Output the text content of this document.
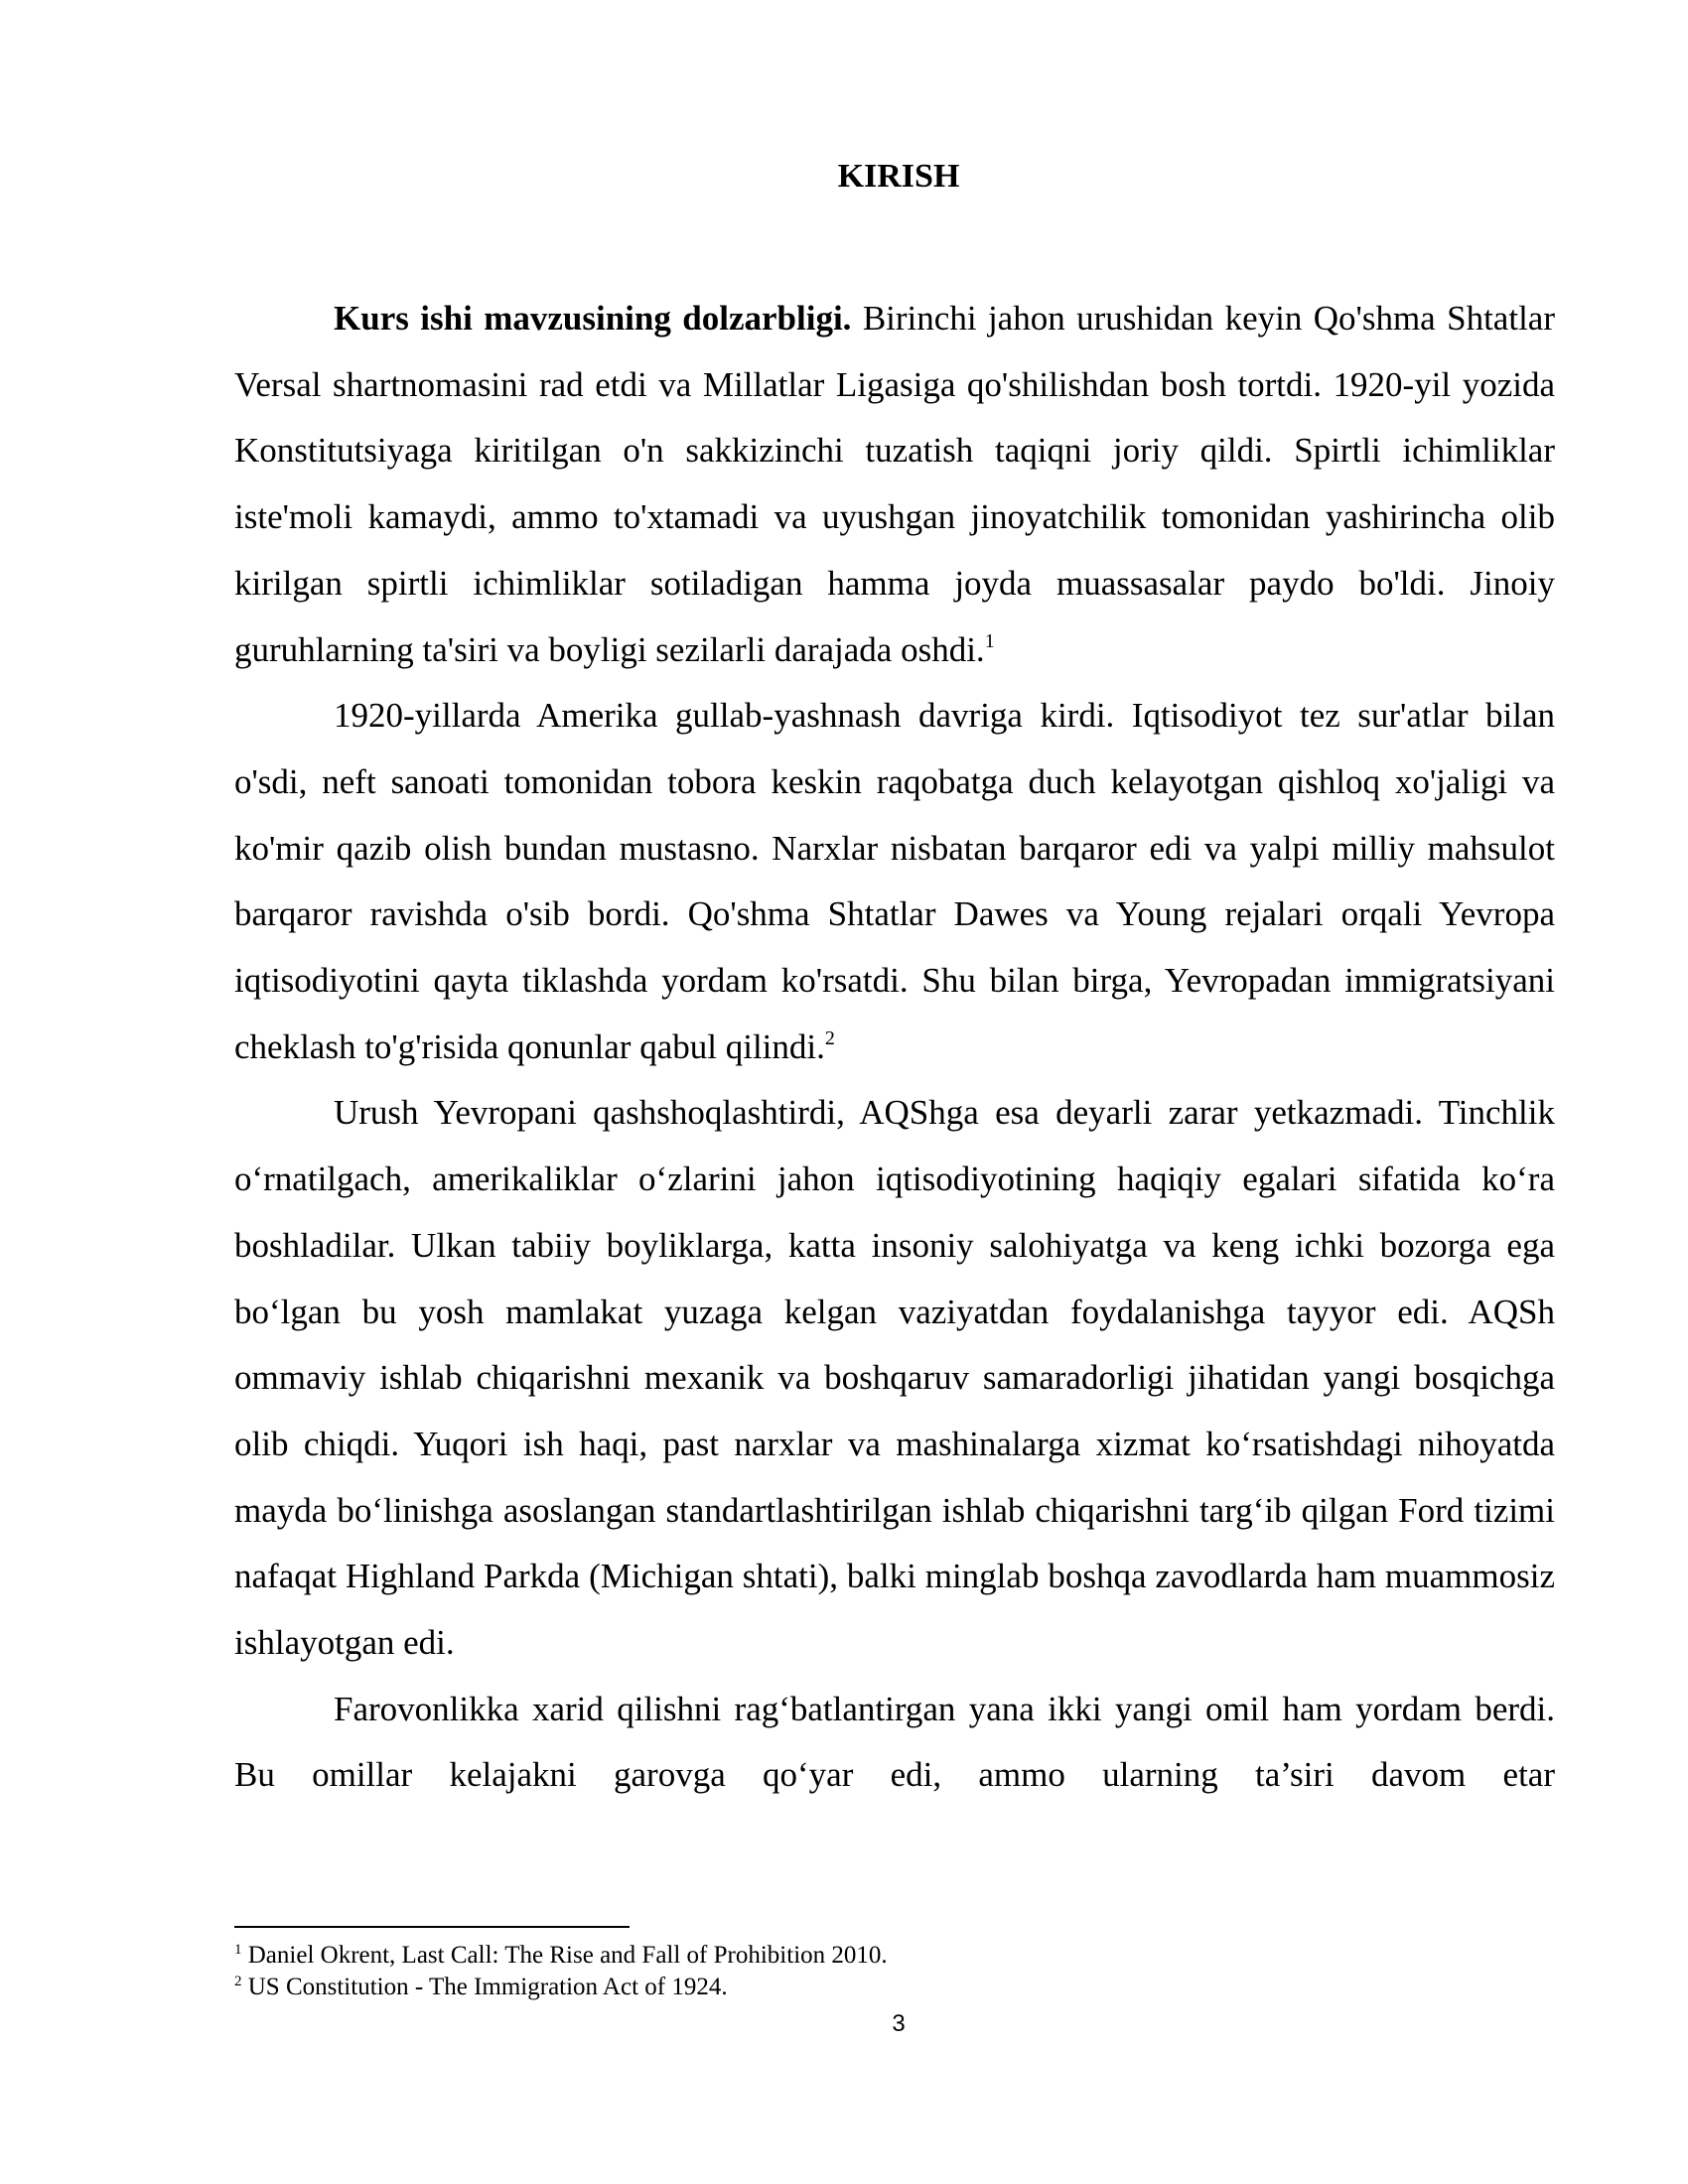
KIRISH

Kurs ishi mavzusining dolzarbligi. Birinchi jahon urushidan keyin Qo'shma Shtatlar Versal shartnomasini rad etdi va Millatlar Ligasiga qo'shilishdan bosh tortdi. 1920-yil yozida Konstitutsiyaga kiritilgan o'n sakkizinchi tuzatish taqiqni joriy qildi. Spirtli ichimliklar iste'moli kamaydi, ammo to'xtamadi va uyushgan jinoyatchilik tomonidan yashirincha olib kirilgan spirtli ichimliklar sotiladigan hamma joyda muassasalar paydo bo'ldi. Jinoiy guruhlarning ta'siri va boyligi sezilarli darajada oshdi.$^1$

1920-yillarda Amerika gullab-yashnash davriga kirdi. Iqtisodiyot tez sur'atlar bilan o'sdi, neft sanoati tomonidan tobora keskin raqobatga duch kelayotgan qishloq xo'jaligi va ko'mir qazib olish bundan mustasno. Narxlar nisbatan barqaror edi va yalpi milliy mahsulot barqaror ravishda o'sib bordi. Qo'shma Shtatlar Dawes va Young rejalari orqali Yevropa iqtisodiyotini qayta tiklashda yordam ko'rsatdi. Shu bilan birga, Yevropadan immigratsiyani cheklash to'g'risida qonunlar qabul qilindi.$^2$

Urush Yevropani qashshoqlashtirdi, AQShga esa deyarli zarar yetkazmadi. Tinchlik o‘rnatilgach, amerikaliklar o‘zlarini jahon iqtisodiyotining haqiqiy egalari sifatida ko‘ra boshladilar. Ulkan tabiiy boyliklarga, katta insoniy salohiyatga va keng ichki bozorga ega bo‘lgan bu yosh mamlakat yuzaga kelgan vaziyatdan foydalanishga tayyor edi. AQSh ommaviy ishlab chiqarishni mexanik va boshqaruv samaradorligi jihatidan yangi bosqichga olib chiqdi. Yuqori ish haqi, past narxlar va mashinalarga xizmat ko‘rsatishdagi nihoyatda mayda bo‘linishga asoslangan standartlashtirilgan ishlab chiqarishni targ‘ib qilgan Ford tizimi nafaqat Highland Parkda (Michigan shtati), balki minglab boshqa zavodlarda ham muammosiz ishlayotgan edi.

Farovonlikka xarid qilishni rag‘batlantirgan yana ikki yangi omil ham yordam berdi. Bu omillar kelajakni garovga qo‘yar edi, ammo ularning ta’siri davom etar

$^1$ Daniel Okrent, Last Call: The Rise and Fall of Prohibition 2010.

$^2$ US Constitution - The Immigration Act of 1924.

3
